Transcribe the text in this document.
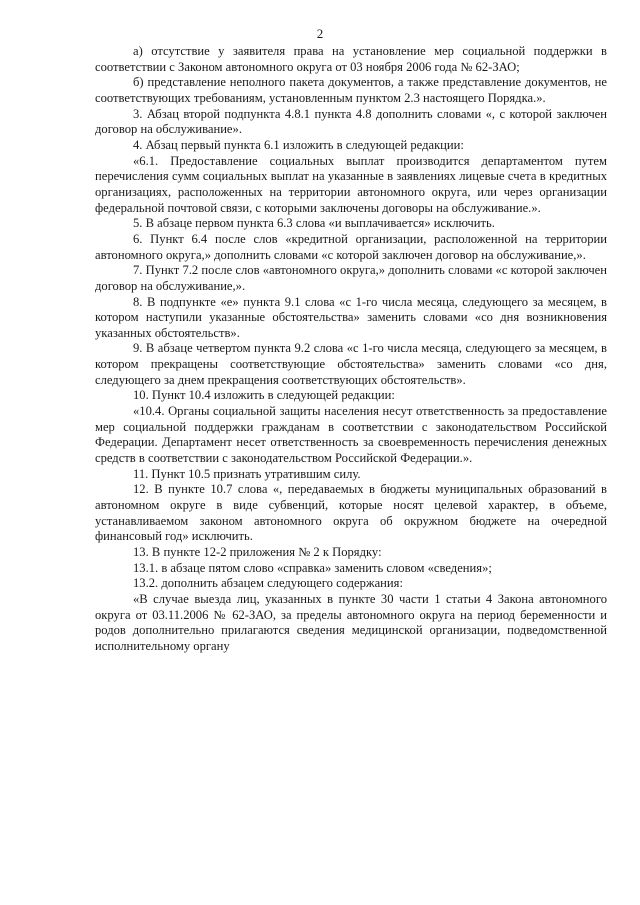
2

а) отсутствие у заявителя права на установление мер социальной поддержки в соответствии с Законом автономного округа от 03 ноября 2006 года № 62-ЗАО;

б) представление неполного пакета документов, а также представление документов, не соответствующих требованиям, установленным пунктом 2.3 настоящего Порядка.».

3. Абзац второй подпункта 4.8.1 пункта 4.8 дополнить словами «, с которой заключен договор на обслуживание».

4. Абзац первый пункта 6.1 изложить в следующей редакции:

«6.1. Предоставление социальных выплат производится департаментом путем перечисления сумм социальных выплат на указанные в заявлениях лицевые счета в кредитных организациях, расположенных на территории автономного округа, или через организации федеральной почтовой связи, с которыми заключены договоры на обслуживание.».

5. В абзаце первом пункта 6.3 слова «и выплачивается» исключить.

6. Пункт 6.4 после слов «кредитной организации, расположенной на территории автономного округа,» дополнить словами «с которой заключен договор на обслуживание,».

7. Пункт 7.2 после слов «автономного округа,» дополнить словами «с которой заключен договор на обслуживание,».

8. В подпункте «е» пункта 9.1 слова «с 1-го числа месяца, следующего за месяцем, в котором наступили указанные обстоятельства» заменить словами «со дня возникновения указанных обстоятельств».

9. В абзаце четвертом пункта 9.2 слова «с 1-го числа месяца, следующего за месяцем, в котором прекращены соответствующие обстоятельства» заменить словами «со дня, следующего за днем прекращения соответствующих обстоятельств».

10. Пункт 10.4 изложить в следующей редакции:

«10.4. Органы социальной защиты населения несут ответственность за предоставление мер социальной поддержки гражданам в соответствии с законодательством Российской Федерации. Департамент несет ответственность за своевременность перечисления денежных средств в соответствии с законодательством Российской Федерации.».

11. Пункт 10.5 признать утратившим силу.

12. В пункте 10.7 слова «, передаваемых в бюджеты муниципальных образований в автономном округе в виде субвенций, которые носят целевой характер, в объеме, устанавливаемом законом автономного округа об окружном бюджете на очередной финансовый год» исключить.

13. В пункте 12-2 приложения № 2 к Порядку:

13.1. в абзаце пятом слово «справка» заменить словом «сведения»;

13.2. дополнить абзацем следующего содержания:

«В случае выезда лиц, указанных в пункте 30 части 1 статьи 4 Закона автономного округа от 03.11.2006 № 62-ЗАО, за пределы автономного округа на период беременности и родов дополнительно прилагаются сведения медицинской организации, подведомственной исполнительному органу
